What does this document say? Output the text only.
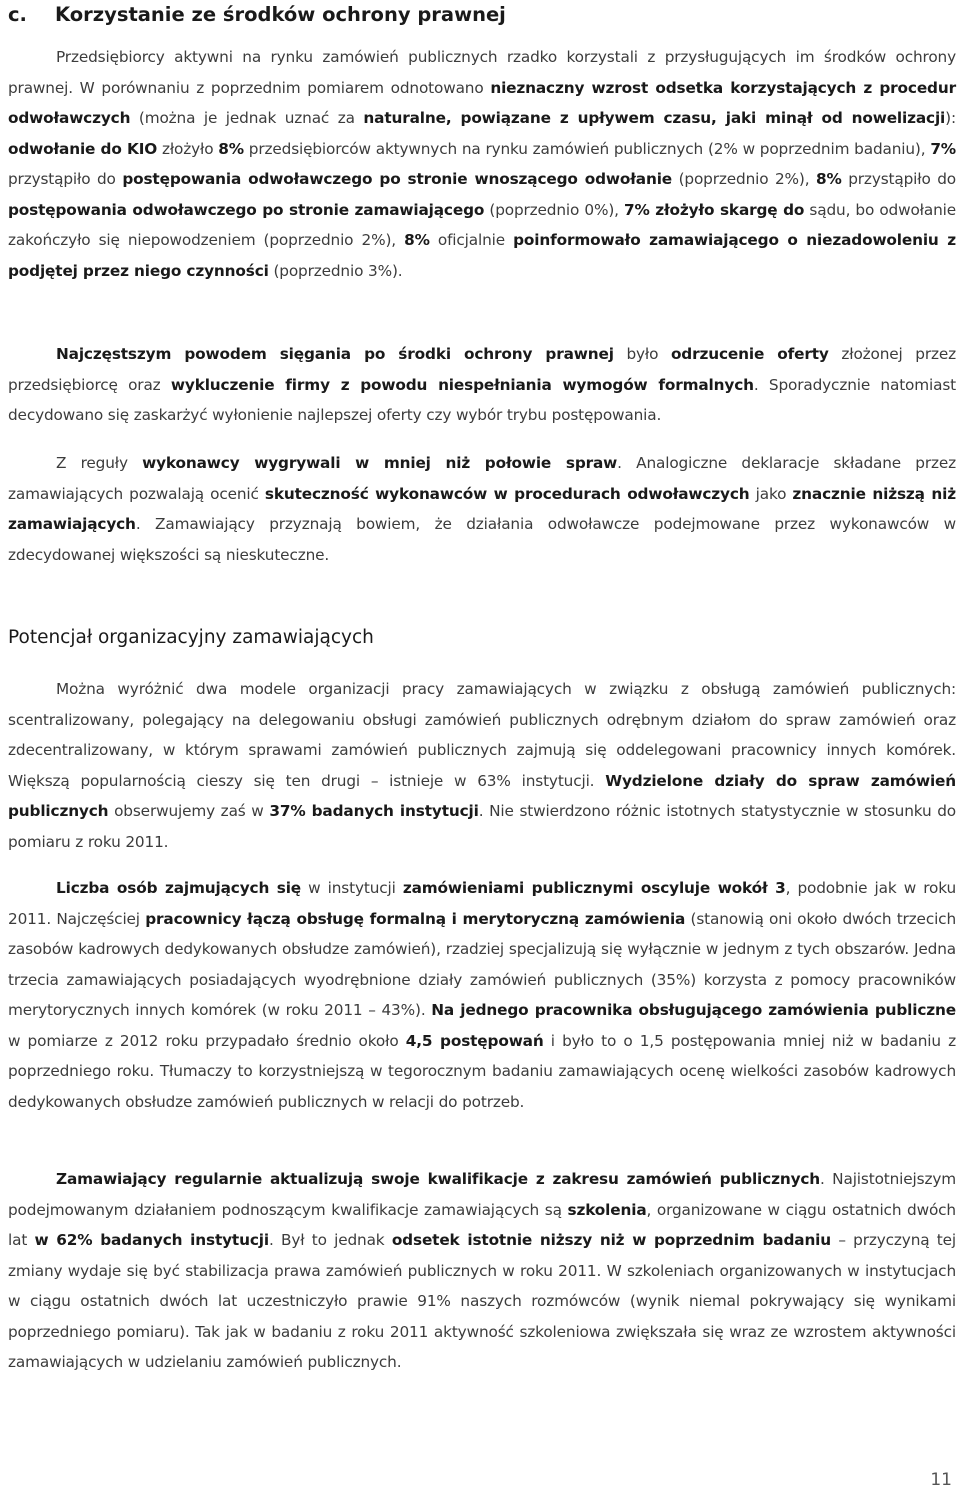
c. Korzystanie ze środków ochrony prawnej

Przedsiębiorcy aktywni na rynku zamówień publicznych rzadko korzystali z przysługujących im środków ochrony prawnej. W porównaniu z poprzednim pomiarem odnotowano nieznaczny wzrost odsetka korzystających z procedur odwoławczych (można je jednak uznać za naturalne, powiązane z upływem czasu, jaki minął od nowelizacji): odwołanie do KIO złożyło 8% przedsiębiorców aktywnych na rynku zamówień publicznych (2% w poprzednim badaniu), 7% przystąpiło do postępowania odwoławczego po stronie wnoszącego odwołanie (poprzednio 2%), 8% przystąpiło do postępowania odwoławczego po stronie zamawiającego (poprzednio 0%), 7% złożyło skargę do sądu, bo odwołanie zakończyło się niepowodzeniem (poprzednio 2%), 8% oficjalnie poinformowało zamawiającego o niezadowoleniu z podjętej przez niego czynności (poprzednio 3%).

Najczęstszym powodem sięgania po środki ochrony prawnej było odrzucenie oferty złożonej przez przedsiębiorcę oraz wykluczenie firmy z powodu niespełniania wymogów formalnych. Sporadycznie natomiast decydowano się zaskarżyć wyłonienie najlepszej oferty czy wybór trybu postępowania.

Z reguły wykonawcy wygrywali w mniej niż połowie spraw. Analogiczne deklaracje składane przez zamawiających pozwalają ocenić skuteczność wykonawców w procedurach odwoławczych jako znacznie niższą niż zamawiających. Zamawiający przyznają bowiem, że działania odwoławcze podejmowane przez wykonawców w zdecydowanej większości są nieskuteczne.

Potencjał organizacyjny zamawiających

Można wyróżnić dwa modele organizacji pracy zamawiających w związku z obsługą zamówień publicznych: scentralizowany, polegający na delegowaniu obsługi zamówień publicznych odrębnym działom do spraw zamówień oraz zdecentralizowany, w którym sprawami zamówień publicznych zajmują się oddelegowani pracownicy innych komórek. Większą popularnością cieszy się ten drugi – istnieje w 63% instytucji. Wydzielone działy do spraw zamówień publicznych obserwujemy zaś w 37% badanych instytucji. Nie stwierdzono różnic istotnych statystycznie w stosunku do pomiaru z roku 2011.

Liczba osób zajmujących się w instytucji zamówieniami publicznymi oscyluje wokół 3, podobnie jak w roku 2011. Najczęściej pracownicy łączą obsługę formalną i merytoryczną zamówienia (stanowią oni około dwóch trzecich zasobów kadrowych dedykowanych obsłudze zamówień), rzadziej specjalizują się wyłącznie w jednym z tych obszarów. Jedna trzecia zamawiających posiadających wyodrębnione działy zamówień publicznych (35%) korzysta z pomocy pracowników merytorycznych innych komórek (w roku 2011 – 43%). Na jednego pracownika obsługującego zamówienia publiczne w pomiarze z 2012 roku przypadało średnio około 4,5 postępowań i było to o 1,5 postępowania mniej niż w badaniu z poprzedniego roku. Tłumaczy to korzystniejszą w tegorocznym badaniu zamawiających ocenę wielkości zasobów kadrowych dedykowanych obsłudze zamówień publicznych w relacji do potrzeb.

Zamawiający regularnie aktualizują swoje kwalifikacje z zakresu zamówień publicznych. Najistotniejszym podejmowanym działaniem podnoszącym kwalifikacje zamawiających są szkolenia, organizowane w ciągu ostatnich dwóch lat w 62% badanych instytucji. Był to jednak odsetek istotnie niższy niż w poprzednim badaniu – przyczyną tej zmiany wydaje się być stabilizacja prawa zamówień publicznych w roku 2011. W szkoleniach organizowanych w instytucjach w ciągu ostatnich dwóch lat uczestniczyło prawie 91% naszych rozmówców (wynik niemal pokrywający się wynikami poprzedniego pomiaru). Tak jak w badaniu z roku 2011 aktywność szkoleniowa zwiększała się wraz ze wzrostem aktywności zamawiających w udzielaniu zamówień publicznych.

11
